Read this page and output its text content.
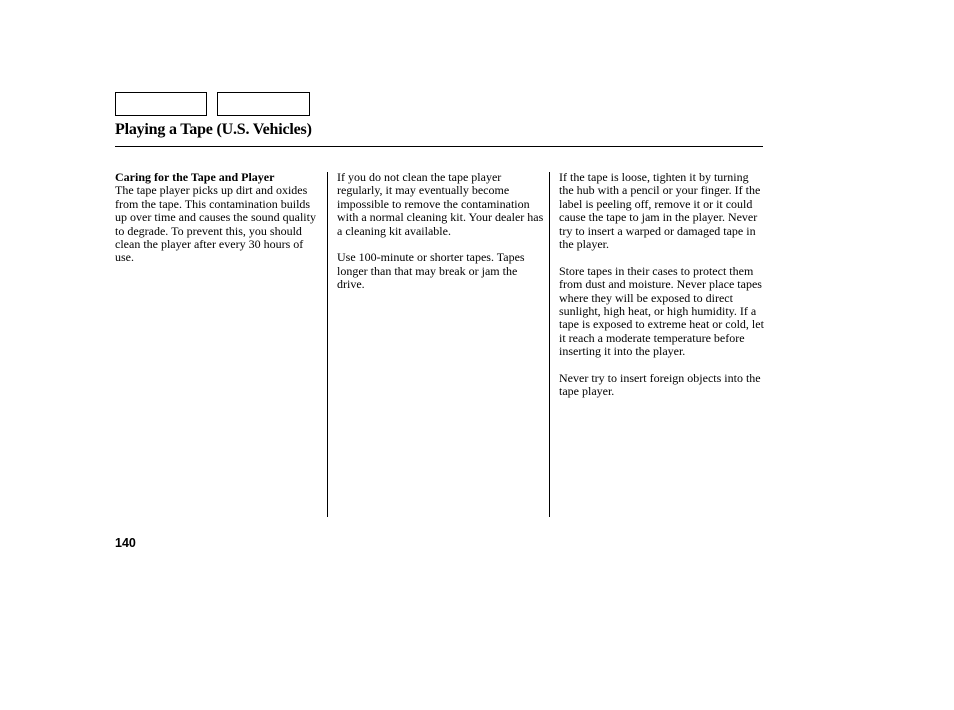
Playing a Tape (U.S. Vehicles)
Caring for the Tape and Player

The tape player picks up dirt and oxides from the tape. This contamination builds up over time and causes the sound quality to degrade. To prevent this, you should clean the player after every 30 hours of use.

If you do not clean the tape player regularly, it may eventually become impossible to remove the contamination with a normal cleaning kit. Your dealer has a cleaning kit available.

Use 100-minute or shorter tapes. Tapes longer than that may break or jam the drive.

If the tape is loose, tighten it by turning the hub with a pencil or your finger. If the label is peeling off, remove it or it could cause the tape to jam in the player. Never try to insert a warped or damaged tape in the player.

Store tapes in their cases to protect them from dust and moisture. Never place tapes where they will be exposed to direct sunlight, high heat, or high humidity. If a tape is exposed to extreme heat or cold, let it reach a moderate temperature before inserting it into the player.

Never try to insert foreign objects into the tape player.

140
